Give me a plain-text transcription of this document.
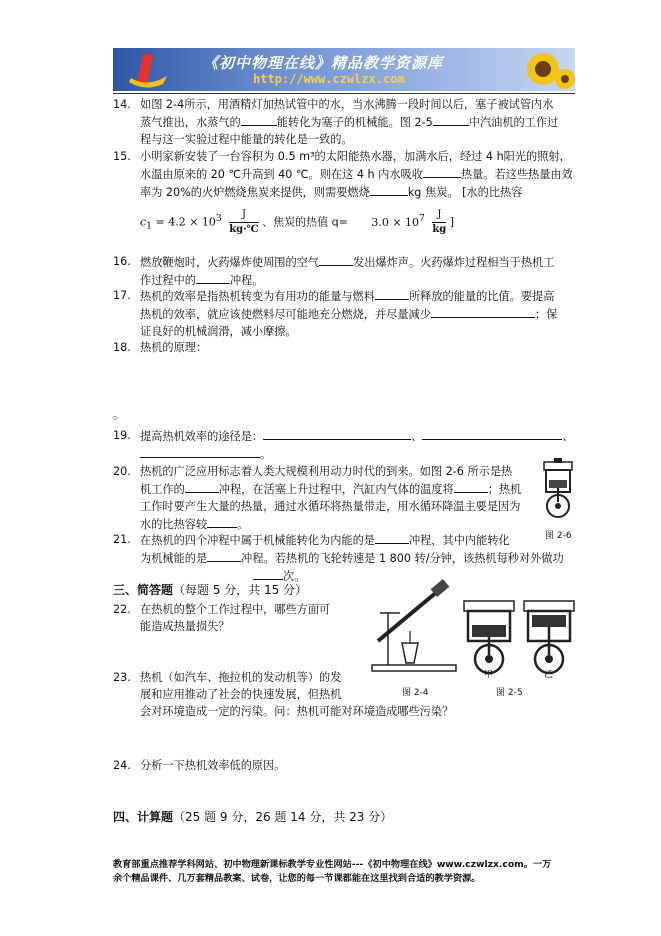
《初中物理在线》精品教学资源库
http://www.czwlzx.com
14. 如图 2-4所示，用酒精灯加热试管中的水，当水沸腾一段时间以后，塞子被试管内水
蒸气推出，水蒸气的	能转化为塞子的机械能。图 2-5	中汽油机的工作过
程与这一实验过程中能量的转化是一致的。
15. 小明家新安装了一台容积为 0.5 m³的太阳能热水器，加满水后，经过 4 h阳光的照射，
水温由原来的 20 ℃升高到 40 ℃。则在这 4 h 内水吸收	热量。若这些热量由效
率为 20%的火炉燃烧焦炭来提供，则需要燃烧	kg 焦炭。 [水的比热容
$c_1 = 4.2 \times 10^3 \frac{J}{kg\cdot℃}$ 、焦炭的热值 $q= 3.0 \times 10^7 \frac{J}{kg}$ ]
16. 燃放鞭炮时，火药爆炸使周围的空气	发出爆炸声。火药爆炸过程相当于热机工
作过程中的	冲程。
17. 热机的效率是指热机转变为有用功的能量与燃料	所释放的能量的比值。要提高
热机的效率，就应该使燃料尽可能地充分燃烧，并尽量减少	；保
证良好的机械润滑，减小摩擦。
18. 热机的原理：
。
19. 提高热机效率的途径是：	、	、
。
20. 热机的广泛应用标志着人类大规模利用动力时代的到来。如图 2-6 所示是热
机工作的	冲程，在活塞上升过程中，汽缸内气体的温度将	；热机
工作时要产生大量的热量，通过水循环将热量带走，用水循环降温主要是因为
水的比热容较	。
图 2-6
21. 在热机的四个冲程中属于机械能转化为内能的是	冲程，其中内能转化
为机械能的是	冲程。若热机的飞轮转速是 1 800 转/分钟，该热机每秒对外做功
次。
三、简答题（每题 5 分，共 15 分）
22. 在热机的整个工作过程中，哪些方面可
能造成热量损失？
图 2-4
甲	乙
图 2-5
23. 热机（如汽车、拖拉机的发动机等）的发
展和应用推动了社会的快速发展，但热机
会对环境造成一定的污染。问：热机可能对环境造成哪些污染？
24. 分析一下热机效率低的原因。
四、计算题（25 题 9 分，26 题 14 分，共 23 分）
教育部重点推荐学科网站、初中物理新课标教学专业性网站---《初中物理在线》www.czwlzx.com。一万
余个精品课件、几万套精品教案、试卷，让您的每一节课都能在这里找到合适的教学资源。
